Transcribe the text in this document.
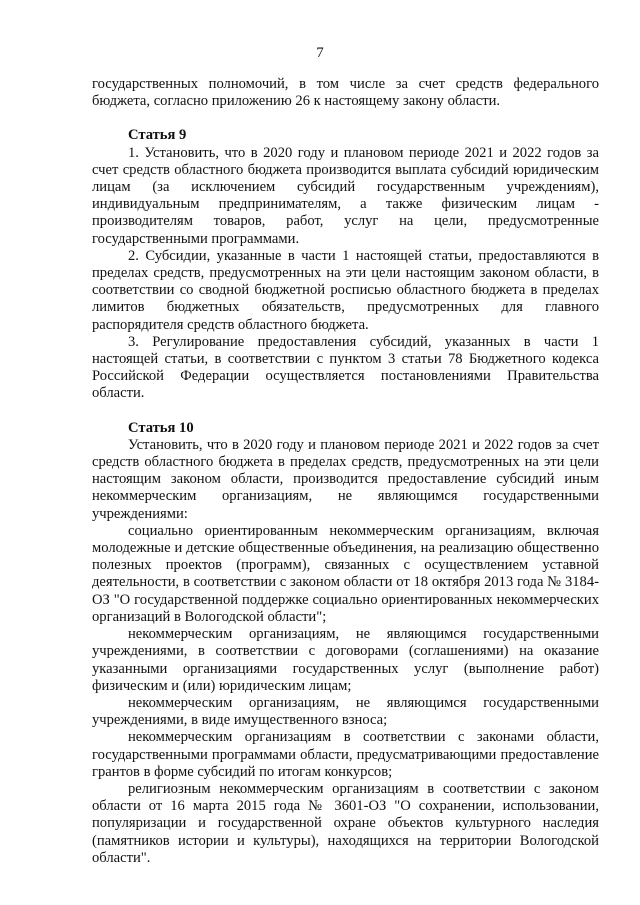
7

государственных полномочий, в том числе за счет средств федерального бюджета, согласно приложению 26 к настоящему закону области.

Статья 9

1. Установить, что в 2020 году и плановом периоде 2021 и 2022 годов за счет средств областного бюджета производится выплата субсидий юридическим лицам (за исключением субсидий государственным учреждениям), индивидуальным предпринимателям, а также физическим лицам - производителям товаров, работ, услуг на цели, предусмотренные государственными программами.

2. Субсидии, указанные в части 1 настоящей статьи, предоставляются в пределах средств, предусмотренных на эти цели настоящим законом области, в соответствии со сводной бюджетной росписью областного бюджета в пределах лимитов бюджетных обязательств, предусмотренных для главного распорядителя средств областного бюджета.

3. Регулирование предоставления субсидий, указанных в части 1 настоящей статьи, в соответствии с пунктом 3 статьи 78 Бюджетного кодекса Российской Федерации осуществляется постановлениями Правительства области.

Статья 10

Установить, что в 2020 году и плановом периоде 2021 и 2022 годов за счет средств областного бюджета в пределах средств, предусмотренных на эти цели настоящим законом области, производится предоставление субсидий иным некоммерческим организациям, не являющимся государственными учреждениями:

социально ориентированным некоммерческим организациям, включая молодежные и детские общественные объединения, на реализацию общественно полезных проектов (программ), связанных с осуществлением уставной деятельности, в соответствии с законом области от 18 октября 2013 года № 3184-ОЗ "О государственной поддержке социально ориентированных некоммерческих организаций в Вологодской области";

некоммерческим организациям, не являющимся государственными учреждениями, в соответствии с договорами (соглашениями) на оказание указанными организациями государственных услуг (выполнение работ) физическим и (или) юридическим лицам;

некоммерческим организациям, не являющимся государственными учреждениями, в виде имущественного взноса;

некоммерческим организациям в соответствии с законами области, государственными программами области, предусматривающими предоставление грантов в форме субсидий по итогам конкурсов;

религиозным некоммерческим организациям в соответствии с законом области от 16 марта 2015 года № 3601-ОЗ "О сохранении, использовании, популяризации и государственной охране объектов культурного наследия (памятников истории и культуры), находящихся на территории Вологодской области".
